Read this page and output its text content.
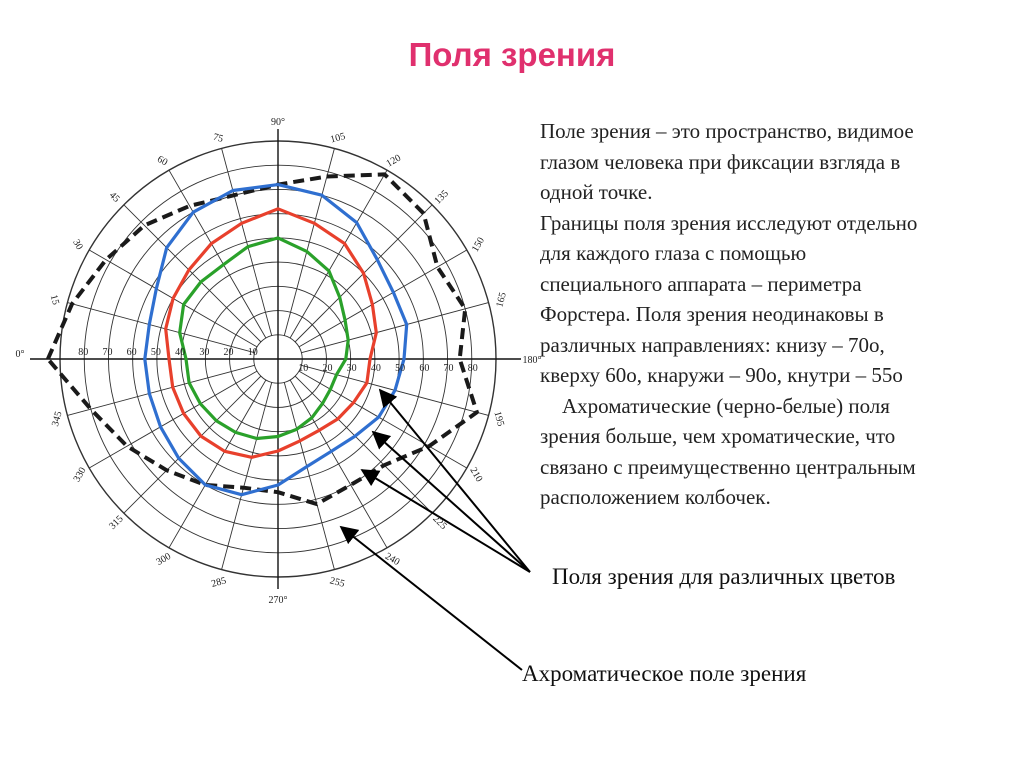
Поля зрения
90°
270°
0°
180°
10
10
20
20
30
30
40
40
50
50
60
60
70
70
80
80
15
30
45
60
75	105
120
135
150
165
195
210
225
240
255
285
300
315
330
345

Поле зрения – это пространство, видимое
глазом человека при фиксации взгляда в
одной точке.

Границы поля зрения исследуют отдельно
для каждого глаза с помощью
специального аппарата – периметра
Форстера. Поля зрения неодинаковы в
различных направлениях: книзу – 70о,
кверху 60о, кнаружи – 90о, кнутри – 55о

Ахроматические (черно-белые) поля
зрения больше, чем хроматические, что
связано с преимущественно центральным
расположением колбочек.

Поля зрения для различных цветов
Ахроматическое поле зрения
